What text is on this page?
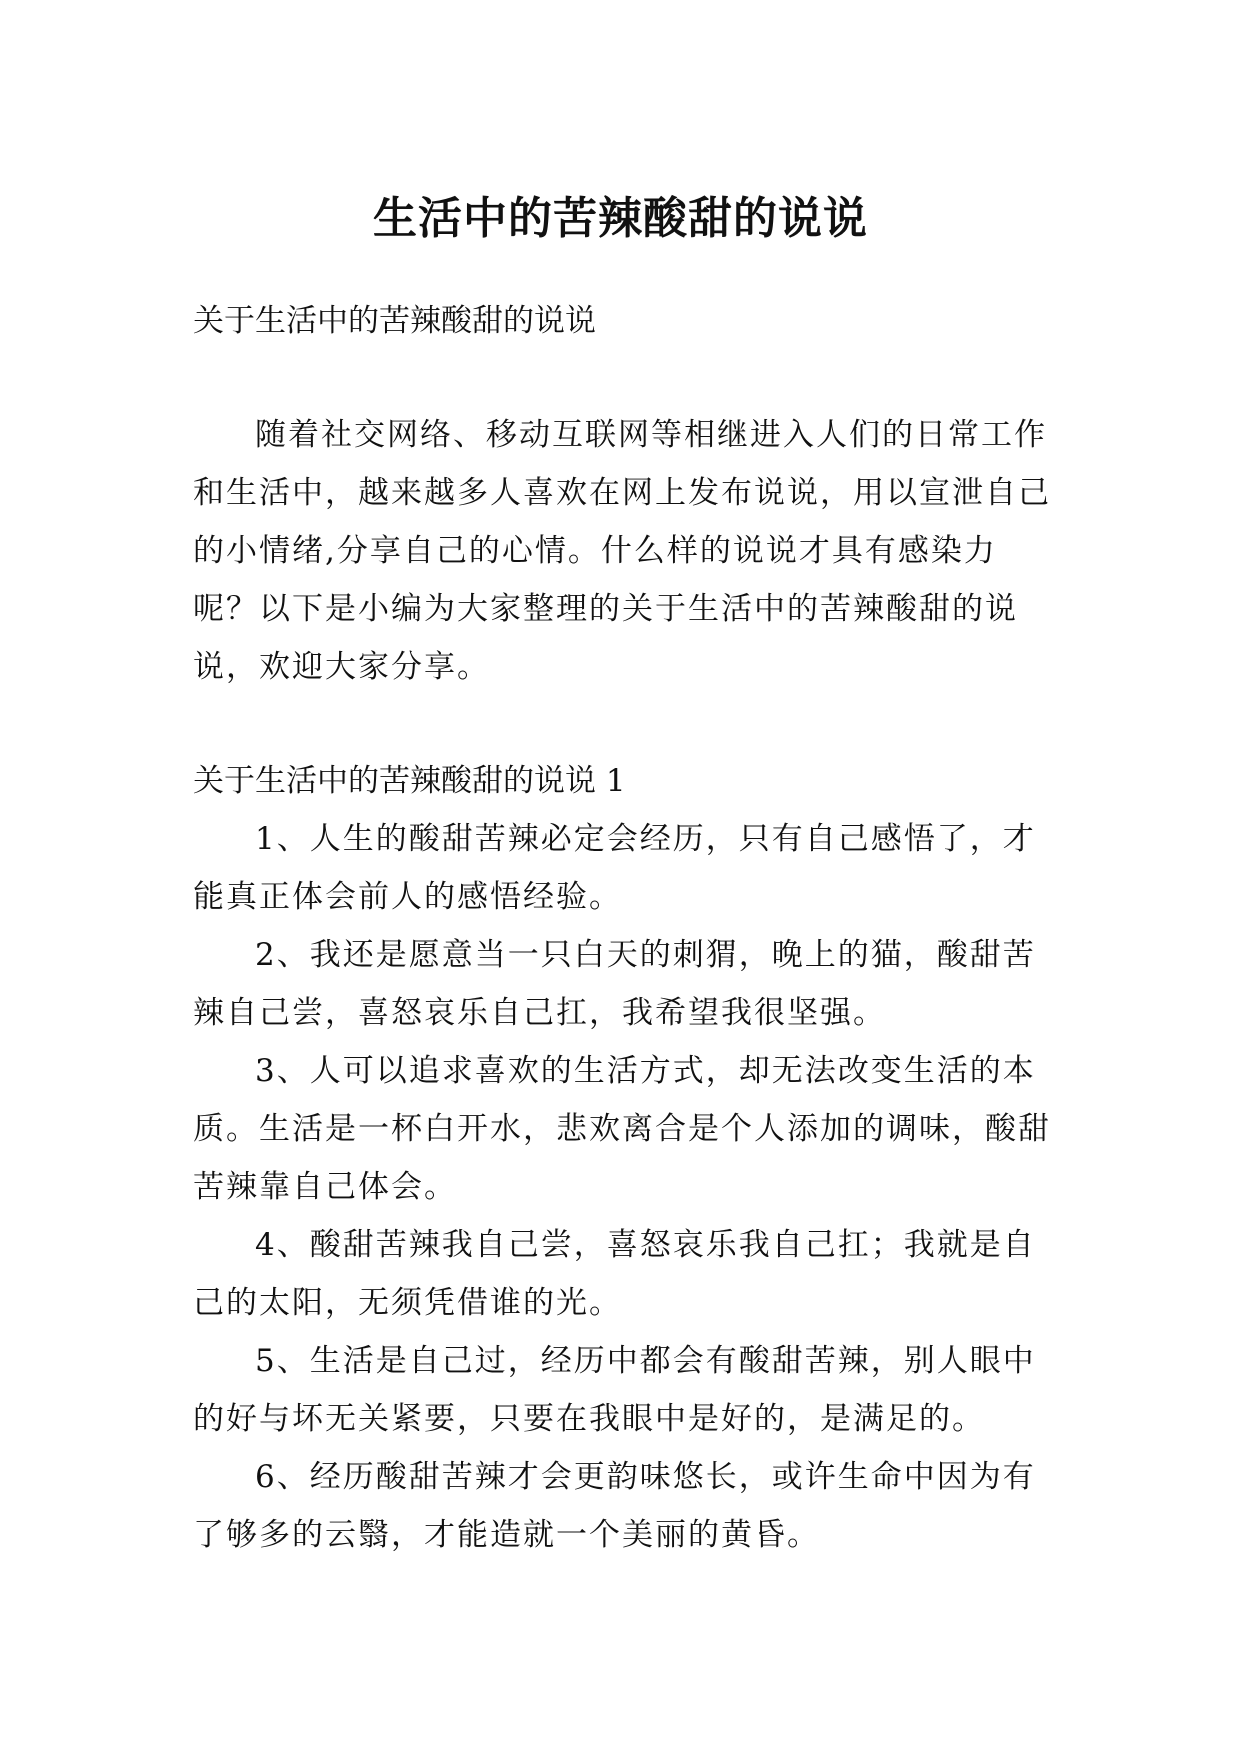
生活中的苦辣酸甜的说说

关于生活中的苦辣酸甜的说说

随着社交网络、移动互联网等相继进入人们的日常工作和生活中，越来越多人喜欢在网上发布说说，用以宣泄自己的小情绪,分享自己的心情。什么样的说说才具有感染力呢？以下是小编为大家整理的关于生活中的苦辣酸甜的说说，欢迎大家分享。

关于生活中的苦辣酸甜的说说 1

1、人生的酸甜苦辣必定会经历，只有自己感悟了，才能真正体会前人的感悟经验。

2、我还是愿意当一只白天的刺猬，晚上的猫，酸甜苦辣自己尝，喜怒哀乐自己扛，我希望我很坚强。

3、人可以追求喜欢的生活方式，却无法改变生活的本质。生活是一杯白开水，悲欢离合是个人添加的调味，酸甜苦辣靠自己体会。

4、酸甜苦辣我自己尝，喜怒哀乐我自己扛；我就是自己的太阳，无须凭借谁的光。

5、生活是自己过，经历中都会有酸甜苦辣，别人眼中的好与坏无关紧要，只要在我眼中是好的，是满足的。

6、经历酸甜苦辣才会更韵味悠长，或许生命中因为有了够多的云翳，才能造就一个美丽的黄昏。
